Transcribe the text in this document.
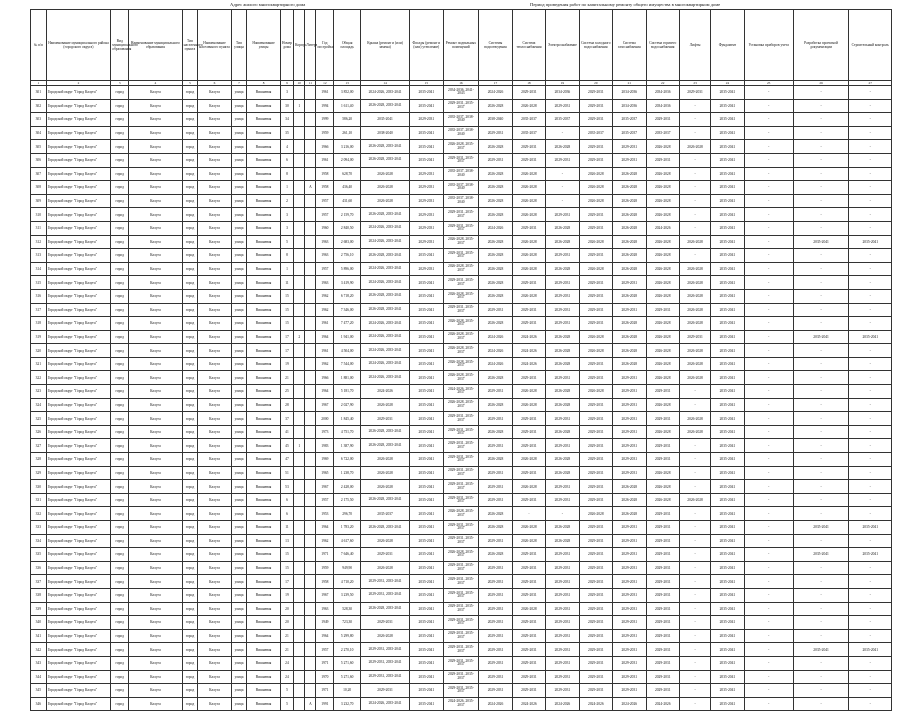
Адрес жилого многоквартирного дома	Период проведения работ по капитальному ремонту общего имущества в многоквартирном доме
№ п/п	Наименование муниципального района (городского округа)	Вид муниципального образования	Наименование муниципального образования	Тип населенного пункта	Наименование населенного пункта	Тип улицы	Наименование улицы	Номер дома	Корпус	Литера	Год постройки	Общая площадь	Крыша (ремонт и (или) замена)	Фасады (ремонт и (или) утепление)	Ремонт подвальных помещений	Системы водоотведения	Система теплоснабжения	Электроснабжение	Система холодного водоснабжения	Система газоснабжения	Система горячего водоснабжения	Лифты	Фундамент	Установка приборов учета	Разработка проектной документации	Строительный контроль
1	2	3	4	5	6	7	8	9	10	11	12	13	14	15	16	17	18	19	20	21	22	23	24	25	26	27
301	Городской округ "Город Калуга"	город	Калуга	город	Калуга	улица	Вишневая	3			1961	3 852,00	2024-2026, 2035-2041	2035-2041	2034-2036, 2041-2043	2024-2026	2029-2031	2034-2036	2029-2031	2034-2036	2034-2036	2029-2031	2035-2041	-	-	-
302	Городской округ "Город Калуга"	город	Калуга	город	Калуга	улица	Вишневая	30	1		1994	1 611,40	2026-2028, 2035-2041	2035-2041	2029-2031, 2035-2037	2026-2028	2026-2028	2029-2031	2029-2031	2034-2036	2034-2036	-	2035-2041	-	-	-
303	Городской округ "Город Калуга"	город	Калуга	город	Калуга	улица	Вишневая	34			1999	586,20	2035-2041	2029-2031	2035-2037, 2038-2040	2038-2040	2035-2037	2035-2037	2029-2031	2035-2037	2029-2031	-	2035-2041	-	-	-
304	Городской округ "Город Калуга"	город	Калуга	город	Калуга	улица	Вишневая	35			1959	261,10	2038-2040	2035-2041	2035-2037, 2038-2040	2029-2031	2035-2037	-	2035-2037	2035-2037	2035-2037	-	2035-2041	-	-	-
305	Городской округ "Город Калуга"	город	Калуга	город	Калуга	улица	Вишневая	4			1966	3 216,00	2026-2028, 2035-2041	2035-2041	2026-2028, 2035-2037	2026-2028	2029-2031	2026-2028	2029-2031	2029-2031	2026-2028	2026-2028	2035-2041	-	-	-
306	Городской округ "Город Калуга"	город	Калуга	город	Калуга	улица	Вишневая	6			1961	2 094,00	2026-2028, 2035-2041	2035-2041	2029-2031, 2035-2037	2029-2031	2029-2031	2029-2031	2029-2031	2029-2031	2029-2031	-	2035-2041	-	-	-
307	Городской округ "Город Калуга"	город	Калуга	город	Калуга	улица	Вишневая	8			1958	628,70	2026-2028	2029-2031	2035-2037, 2038-2040	2026-2028	2026-2028	-	2026-2028	2026-2028	2026-2028	-	2035-2041	-	-	-
308	Городской округ "Город Калуга"	город	Калуга	город	Калуга	улица	Вишневая	1		А	1958	436,40	2026-2028	2029-2031	2035-2037, 2038-2040	2026-2028	2026-2028	-	2026-2028	2026-2028	2026-2028	-	2035-2041	-	-	-
309	Городской округ "Город Калуга"	город	Калуга	город	Калуга	улица	Вишневая	2			1957	431,60	2026-2028	2029-2031	2035-2037, 2038-2040	2026-2028	2026-2028	-	2026-2028	2026-2028	2026-2028	-	2035-2041	-	-	-
310	Городской округ "Город Калуга"	город	Калуга	город	Калуга	улица	Вишневая	3			1957	2 159,70	2026-2028, 2035-2041	2029-2031	2029-2031, 2035-2037	2026-2028	2026-2028	2029-2031	2029-2031	2026-2028	2026-2028	-	2035-2041	-	-	-
311	Городской округ "Город Калуга"	город	Калуга	город	Калуга	улица	Вишневая	3			1960	2 840,50	2024-2026, 2035-2041	2029-2031	2029-2031, 2035-2037	2024-2026	2029-2031	2026-2028	2029-2031	2026-2028	2024-2026	-	2035-2041	-	-	-
312	Городской округ "Город Калуга"	город	Калуга	город	Калуга	улица	Вишневая	5			1963	2 683,00	2024-2026, 2035-2041	2029-2031	2026-2028, 2035-2037	2026-2028	2026-2028	2026-2028	2026-2028	2026-2028	2026-2028	2026-2028	2035-2041	-	2035-2041	2035-2041
313	Городской округ "Город Калуга"	город	Калуга	город	Калуга	улица	Вишневая	8			1963	2 756,10	2026-2028, 2035-2041	2035-2041	2029-2031, 2035-2037	2026-2028	2026-2028	2029-2031	2029-2031	2026-2028	2026-2028	-	2035-2041	-	-	-
314	Городской округ "Город Калуга"	город	Калуга	город	Калуга	улица	Вишневая	1			1957	5 896,00	2024-2026, 2035-2041	2029-2031	2026-2028, 2035-2037	2026-2028	2026-2028	2026-2028	2026-2028	2026-2028	2026-2028	2026-2028	2035-2041	-	-	-
315	Городской округ "Город Калуга"	город	Калуга	город	Калуга	улица	Вишневая	11			1963	3 419,90	2024-2026, 2035-2041	2035-2041	2029-2031, 2035-2037	2026-2028	2029-2031	2029-2031	2029-2031	2029-2031	2026-2028	2026-2028	2035-2041	-	-	-
316	Городской округ "Город Калуга"	город	Калуга	город	Калуга	улица	Вишневая	15			1962	6 718,20	2026-2028, 2035-2041	2035-2041	2026-2028, 2035-2037	2026-2028	2026-2028	2029-2031	2029-2031	2026-2028	2026-2028	2026-2028	2035-2041	-	-	-
317	Городской округ "Город Калуга"	город	Калуга	город	Калуга	улица	Вишневая	15			1962	7 346,00	2026-2028, 2035-2041	2035-2041	2029-2031, 2035-2037	2029-2031	2029-2031	2029-2031	2029-2031	2029-2031	2029-2031	2026-2028	2035-2041	-	-	-
318	Городской округ "Город Калуга"	город	Калуга	город	Калуга	улица	Вишневая	15			1961	7 477,20	2024-2026, 2035-2041	2035-2041	2026-2028, 2035-2037	2026-2028	2029-2031	2029-2031	2029-2031	2026-2028	2026-2028	2026-2028	2035-2041	-	-	-
319	Городской округ "Город Калуга"	город	Калуга	город	Калуга	улица	Вишневая	17	2		1964	1 941,00	2024-2026, 2035-2041	2035-2041	2026-2028, 2035-2037	2024-2026	2024-2026	2026-2028	2026-2028	2026-2028	2026-2028	2029-2031	2035-2041	-	2035-2041	2035-2041
320	Городской округ "Город Калуга"	город	Калуга	город	Калуга	улица	Вишневая	17			1961	4 504,00	2024-2026, 2035-2041	2035-2041	2026-2028, 2035-2037	2024-2026	2024-2026	2026-2028	2026-2028	2026-2028	2026-2028	2026-2028	2035-2041	-	-	-
321	Городской округ "Город Калуга"	город	Калуга	город	Калуга	улица	Вишневая	19			1962	7 544,00	2024-2026, 2035-2041	2035-2041	2026-2028, 2035-2037	2024-2026	2024-2026	2026-2028	2029-2031	2026-2028	2026-2028	2026-2028	2035-2041	-	-	-
322	Городской округ "Город Калуга"	город	Калуга	город	Калуга	улица	Вишневая	21			1966	1 881,00	2024-2026, 2035-2041	2035-2041	2026-2028, 2035-2037	2026-2028	2029-2031	2029-2031	2029-2031	2029-2031	2026-2028	2026-2028	2035-2041	-	-	-
323	Городской округ "Город Калуга"	город	Калуга	город	Калуга	улица	Вишневая	25			1964	5 181,70	2024-2026	2035-2041	2024-2026, 2035-2037	2029-2031	2026-2028	2026-2028	2026-2028	2029-2031	2029-2031	-	2035-2041	-	-	-
324	Городской округ "Город Калуга"	город	Калуга	город	Калуга	улица	Вишневая	28			1967	2 027,90	2026-2028	2035-2041	2026-2028, 2035-2037	2026-2028	2026-2028	2026-2028	2029-2031	2029-2031	2026-2028	-	2035-2041	-	-	-
325	Городской округ "Город Калуга"	город	Калуга	город	Калуга	улица	Вишневая	37			2000	1 845,40	2029-2031	2035-2041	2029-2031, 2035-2037	2029-2031	2029-2031	2029-2031	2029-2031	2029-2031	2029-2031	2026-2028	2035-2041	-	-	-
326	Городской округ "Город Калуга"	город	Калуга	город	Калуга	улица	Вишневая	41			1973	4 751,70	2026-2028, 2035-2041	2035-2041	2029-2031, 2035-2037	2026-2028	2029-2031	2026-2028	2029-2031	2029-2031	2026-2028	2026-2028	2035-2041	-	-	-
327	Городской округ "Город Калуга"	город	Калуга	город	Калуга	улица	Вишневая	45	1		1983	1 387,90	2026-2028, 2035-2041	2035-2041	2029-2031, 2035-2037	2029-2031	2029-2031	2029-2031	2029-2031	2029-2031	2029-2031	-	2035-2041	-	-	-
328	Городской округ "Город Калуга"	город	Калуга	город	Калуга	улица	Вишневая	47			1969	6 722,00	2026-2028	2035-2041	2029-2031, 2035-2037	2026-2028	2026-2028	2026-2028	2029-2031	2029-2031	2029-2031	-	2035-2041	-	-	-
329	Городской округ "Город Калуга"	город	Калуга	город	Калуга	улица	Вишневая	51			1965	1 238,70	2026-2028	2035-2041	2029-2031, 2035-2037	2029-2031	2029-2031	2026-2028	2029-2031	2029-2031	2026-2028	-	2035-2041	-	-	-
330	Городской округ "Город Калуга"	город	Калуга	город	Калуга	улица	Вишневая	53			1967	2 428,00	2026-2028	2035-2041	2029-2031, 2035-2037	2029-2031	2026-2028	2029-2031	2029-2031	2026-2028	2026-2028	-	2035-2041	-	-	-
331	Городской округ "Город Калуга"	город	Калуга	город	Калуга	улица	Вишневая	6			1957	2 175,50	2026-2028, 2035-2041	2035-2041	2029-2031, 2035-2037	2029-2031	2029-2031	2029-2031	2029-2031	2026-2028	2026-2028	2026-2028	2035-2041	-	-	-
332	Городской округ "Город Калуга"	город	Калуга	город	Калуга	улица	Вишневая	6			1953	296,70	2035-2037	2035-2041	2026-2028, 2035-2037	2026-2028	-	-	2026-2028	2026-2028	2029-2031	-	2035-2041	-	-	-
333	Городской округ "Город Калуга"	город	Калуга	город	Калуга	улица	Вишневая	11			1964	1 783,20	2026-2028, 2035-2041	2035-2041	2029-2031, 2035-2037	2026-2028	2026-2028	2026-2028	2029-2031	2029-2031	2029-2031	-	2035-2041	-	2035-2041	2035-2041
334	Городской округ "Город Калуга"	город	Калуга	город	Калуга	улица	Вишневая	13			1962	4 617,60	2026-2028	2035-2041	2029-2031, 2035-2037	2029-2031	2026-2028	2026-2028	2029-2031	2029-2031	2029-2031	-	2035-2041	-	-	-
335	Городской округ "Город Калуга"	город	Калуга	город	Калуга	улица	Вишневая	15			1971	7 646,40	2029-2031	2035-2041	2026-2028, 2035-2037	2026-2028	2029-2031	2029-2031	2029-2031	2029-2031	2029-2031	-	2035-2041	-	2035-2041	2035-2041
336	Городской округ "Город Калуга"	город	Калуга	город	Калуга	улица	Вишневая	15			1959	949,90	2026-2028	2035-2041	2029-2031, 2035-2037	2029-2031	2029-2031	2029-2031	2029-2031	2029-2031	2029-2031	-	2035-2041	-	-	-
337	Городской округ "Город Калуга"	город	Калуга	город	Калуга	улица	Вишневая	17			1958	4 710,20	2029-2031, 2035-2041	2035-2041	2029-2031, 2035-2037	2029-2031	2029-2031	2029-2031	2029-2031	2029-2031	2029-2031	-	2035-2041	-	-	-
338	Городской округ "Город Калуга"	город	Калуга	город	Калуга	улица	Вишневая	19			1967	3 239,50	2029-2031, 2035-2041	2035-2041	2029-2031, 2035-2037	2029-2031	2029-2031	2029-2031	2029-2031	2029-2031	2029-2031	-	2035-2041	-	-	-
339	Городской округ "Город Калуга"	город	Калуга	город	Калуга	улица	Вишневая	20			1963	528,30	2026-2028, 2035-2041	2035-2041	2029-2031, 2035-2037	2029-2031	2026-2028	2029-2031	2029-2031	2029-2031	2029-2031	-	2035-2041	-	-	-
340	Городской округ "Город Калуга"	город	Калуга	город	Калуга	улица	Вишневая	20			1949	723,30	2029-2031	2035-2041	2029-2031, 2035-2037	2029-2031	2029-2031	2029-2031	2029-2031	2029-2031	2029-2031	-	2035-2041	-	-	-
341	Городской округ "Город Калуга"	город	Калуга	город	Калуга	улица	Вишневая	21			1964	5 299,80	2026-2028	2035-2041	2029-2031, 2035-2037	2029-2031	2029-2031	2029-2031	2029-2031	2029-2031	2029-2031	-	2035-2041	-	-	-
342	Городской округ "Город Калуга"	город	Калуга	город	Калуга	улица	Вишневая	21			1957	2 270,10	2029-2031, 2035-2041	2035-2041	2029-2031, 2035-2037	2029-2031	2029-2031	2029-2031	2029-2031	2029-2031	2029-2031	-	2035-2041	-	2035-2041	2035-2041
343	Городской округ "Город Калуга"	город	Калуга	город	Калуга	улица	Вишневая	24			1971	5 271,60	2029-2031, 2035-2041	2035-2041	2029-2031, 2035-2037	2029-2031	2029-2031	2029-2031	2029-2031	2029-2031	2029-2031	-	2035-2041	-	-	-
344	Городской округ "Город Калуга"	город	Калуга	город	Калуга	улица	Вишневая	24			1970	5 271,60	2029-2031, 2035-2041	2035-2041	2029-2031, 2035-2037	2029-2031	2029-2031	2029-2031	2029-2031	2029-2031	2029-2031	-	2035-2041	-	-	-
345	Городской округ "Город Калуга"	город	Калуга	город	Калуга	улица	Вишневая	5			1971	10,20	2029-2031	2035-2041	2029-2031, 2035-2037	2029-2031	2029-2031	2029-2031	2029-2031	2029-2031	2029-2031	-	2035-2041	-	-	-
346	Городской округ "Город Калуга"	город	Калуга	город	Калуга	улица	Вишневая	5		А	1991	3 232,70	2024-2026, 2035-2041	2035-2041	2024-2026, 2035-2037	2024-2026	2024-2026	2024-2026	2024-2026	2024-2026	2024-2026	-	2035-2041	-	-	-
